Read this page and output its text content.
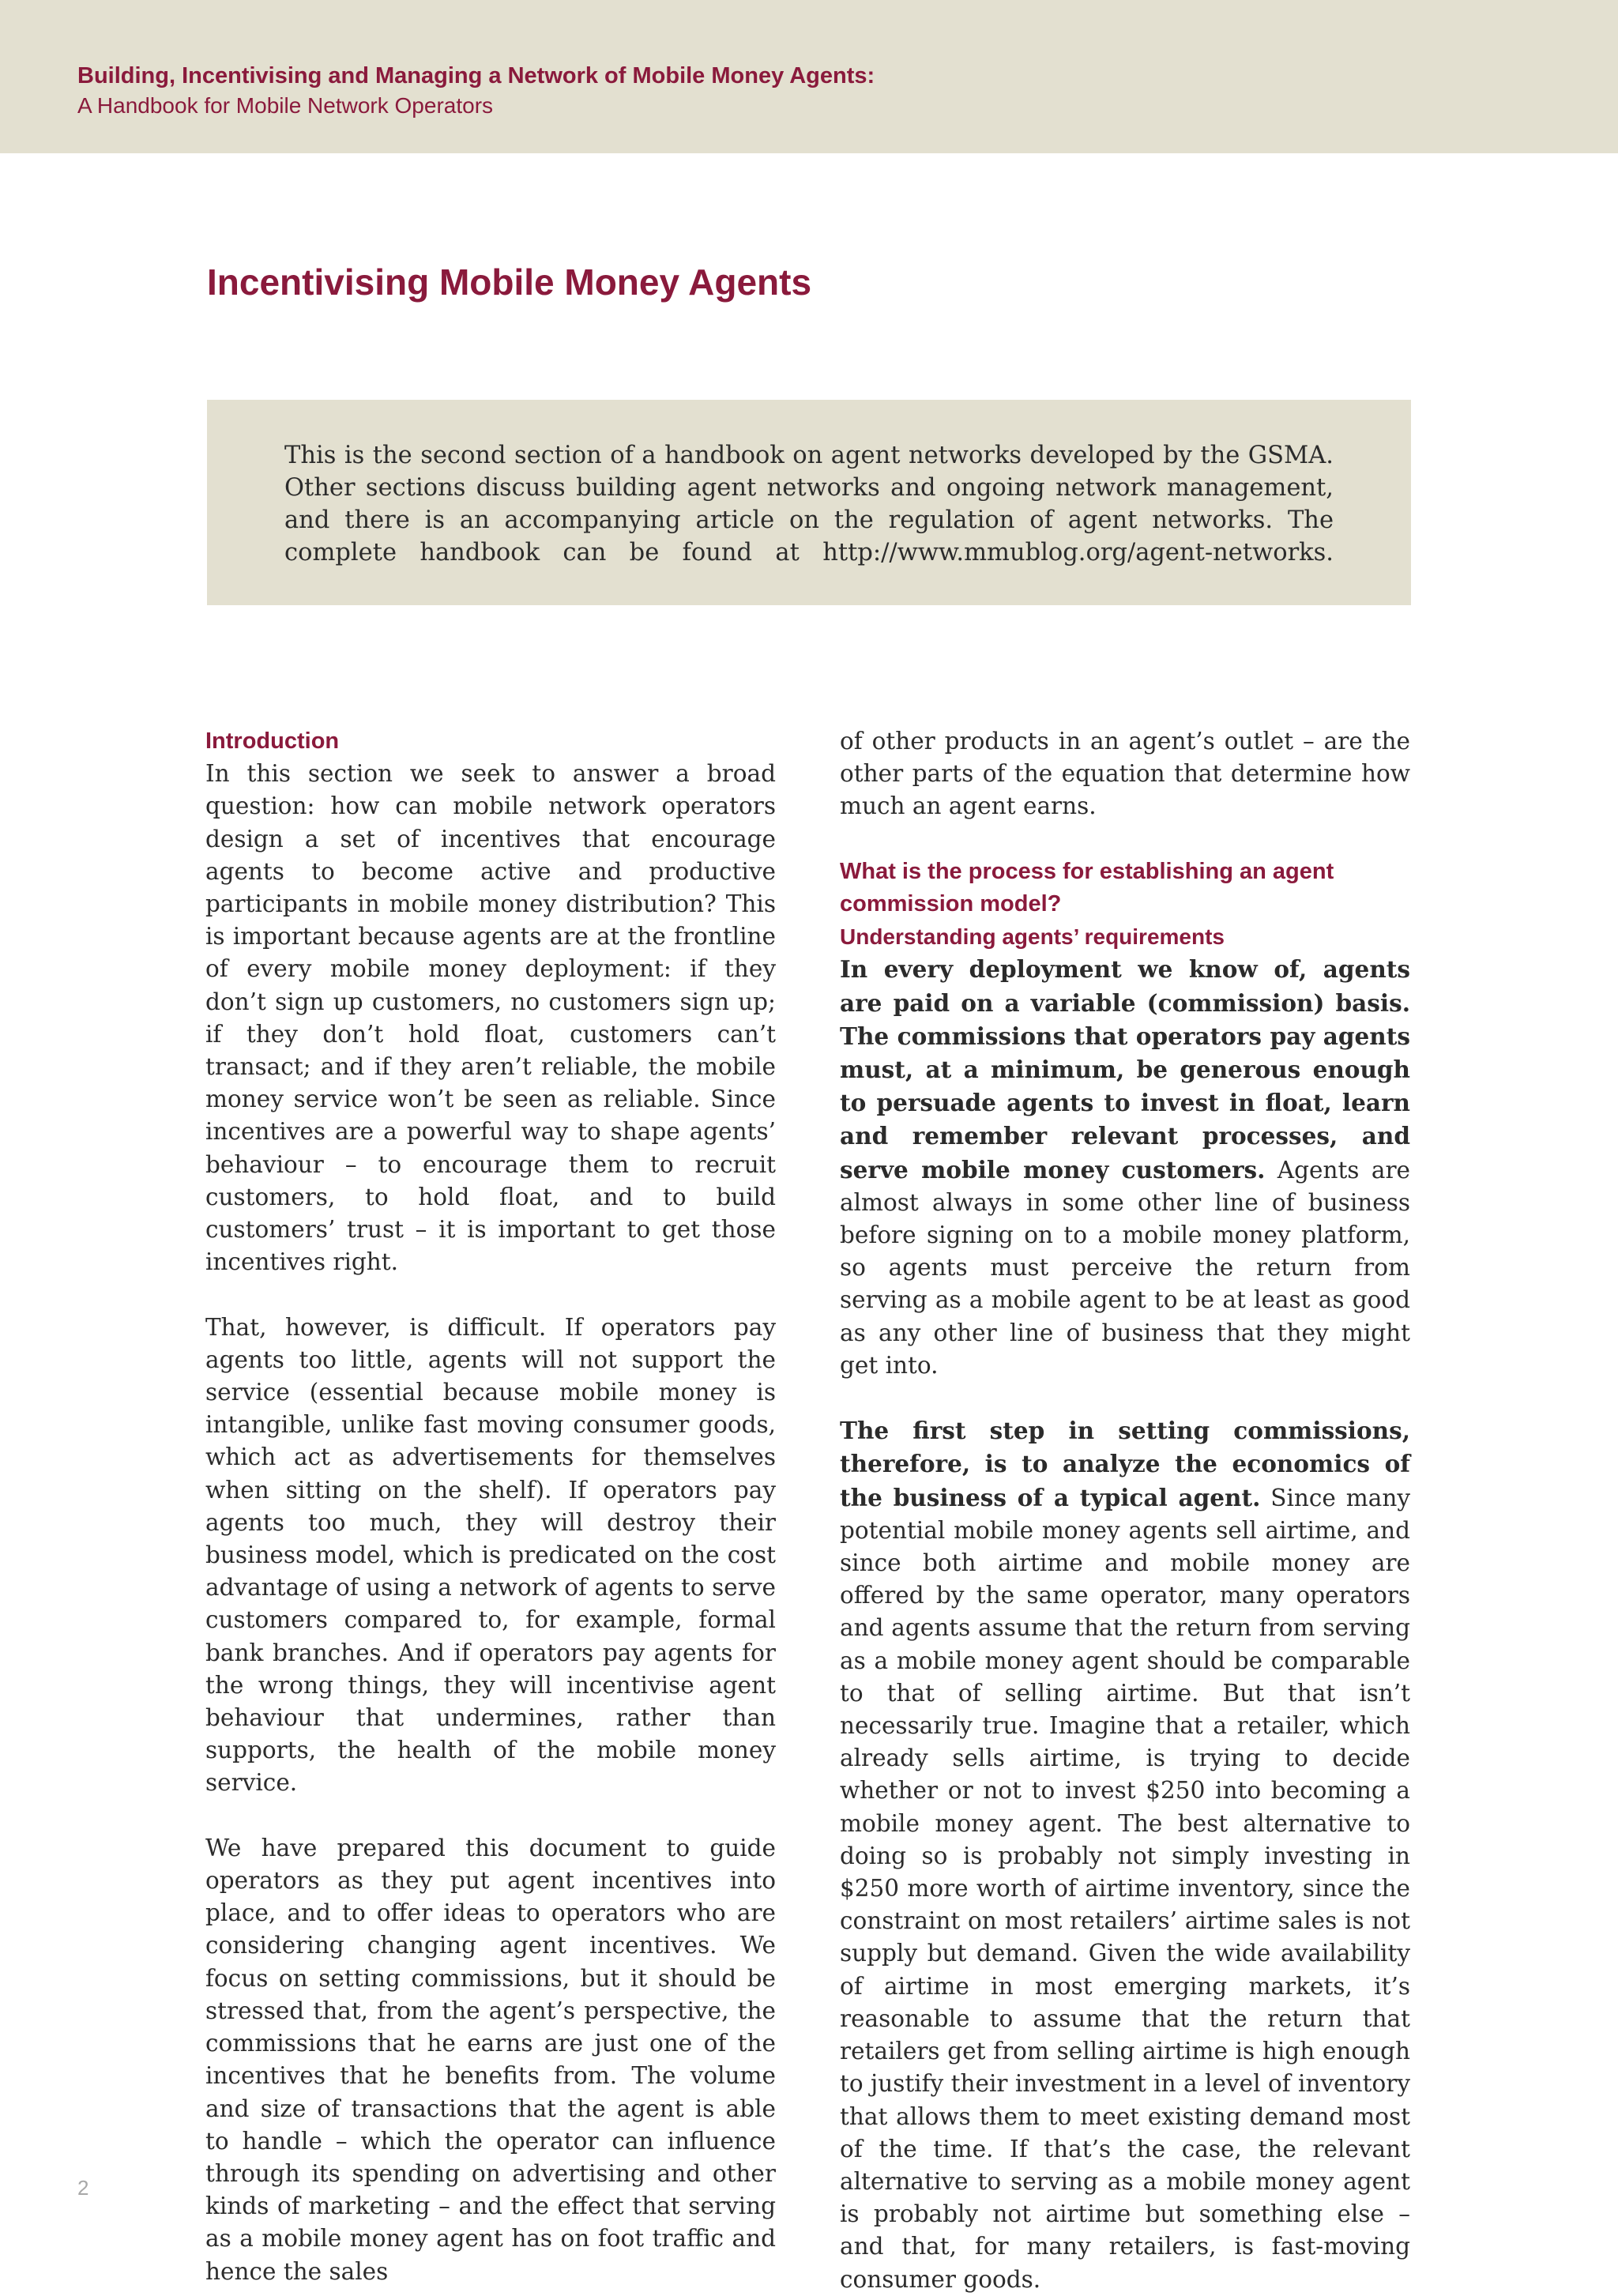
Building, Incentivising and Managing a Network of Mobile Money Agents:
A Handbook for Mobile Network Operators
Incentivising Mobile Money Agents

This is the second section of a handbook on agent networks developed by the GSMA. Other sections discuss building agent networks and ongoing network management, and there is an accompanying article on the regulation of agent networks. The complete handbook can be found at http://www.mmublog.org/agent-networks.

Introduction

In this section we seek to answer a broad question: how can mobile network operators design a set of incentives that encourage agents to become active and productive participants in mobile money distribution? This is important because agents are at the frontline of every mobile money deployment: if they don’t sign up customers, no customers sign up; if they don’t hold float, customers can’t transact; and if they aren’t reliable, the mobile money service won’t be seen as reliable. Since incentives are a powerful way to shape agents’ behaviour – to encourage them to recruit customers, to hold float, and to build customers’ trust – it is important to get those incentives right.

That, however, is difficult. If operators pay agents too little, agents will not support the service (essential because mobile money is intangible, unlike fast moving consumer goods, which act as advertisements for themselves when sitting on the shelf). If operators pay agents too much, they will destroy their business model, which is predicated on the cost advantage of using a network of agents to serve customers compared to, for example, formal bank branches. And if operators pay agents for the wrong things, they will incentivise agent behaviour that undermines, rather than supports, the health of the mobile money service.

We have prepared this document to guide operators as they put agent incentives into place, and to offer ideas to operators who are considering changing agent incentives. We focus on setting commissions, but it should be stressed that, from the agent’s perspective, the commissions that he earns are just one of the incentives that he benefits from. The volume and size of transactions that the agent is able to handle – which the operator can influence through its spending on advertising and other kinds of marketing – and the effect that serving as a mobile money agent has on foot traffic and hence the sales

of other products in an agent’s outlet – are the other parts of the equation that determine how much an agent earns.

What is the process for establishing an agent commission model?
Understanding agents’ requirements

In every deployment we know of, agents are paid on a variable (commission) basis. The commissions that operators pay agents must, at a minimum, be generous enough to persuade agents to invest in float, learn and remember relevant processes, and serve mobile money customers. Agents are almost always in some other line of business before signing on to a mobile money platform, so agents must perceive the return from serving as a mobile agent to be at least as good as any other line of business that they might get into.

The first step in setting commissions, therefore, is to analyze the economics of the business of a typical agent. Since many potential mobile money agents sell airtime, and since both airtime and mobile money are offered by the same operator, many operators and agents assume that the return from serving as a mobile money agent should be comparable to that of selling airtime. But that isn’t necessarily true. Imagine that a retailer, which already sells airtime, is trying to decide whether or not to invest $250 into becoming a mobile money agent. The best alternative to doing so is probably not simply investing in $250 more worth of airtime inventory, since the constraint on most retailers’ airtime sales is not supply but demand. Given the wide availability of airtime in most emerging markets, it’s reasonable to assume that the return that retailers get from selling airtime is high enough to justify their investment in a level of inventory that allows them to meet existing demand most of the time. If that’s the case, the relevant alternative to serving as a mobile money agent is probably not airtime but something else – and that, for many retailers, is fast-moving consumer goods.

2
